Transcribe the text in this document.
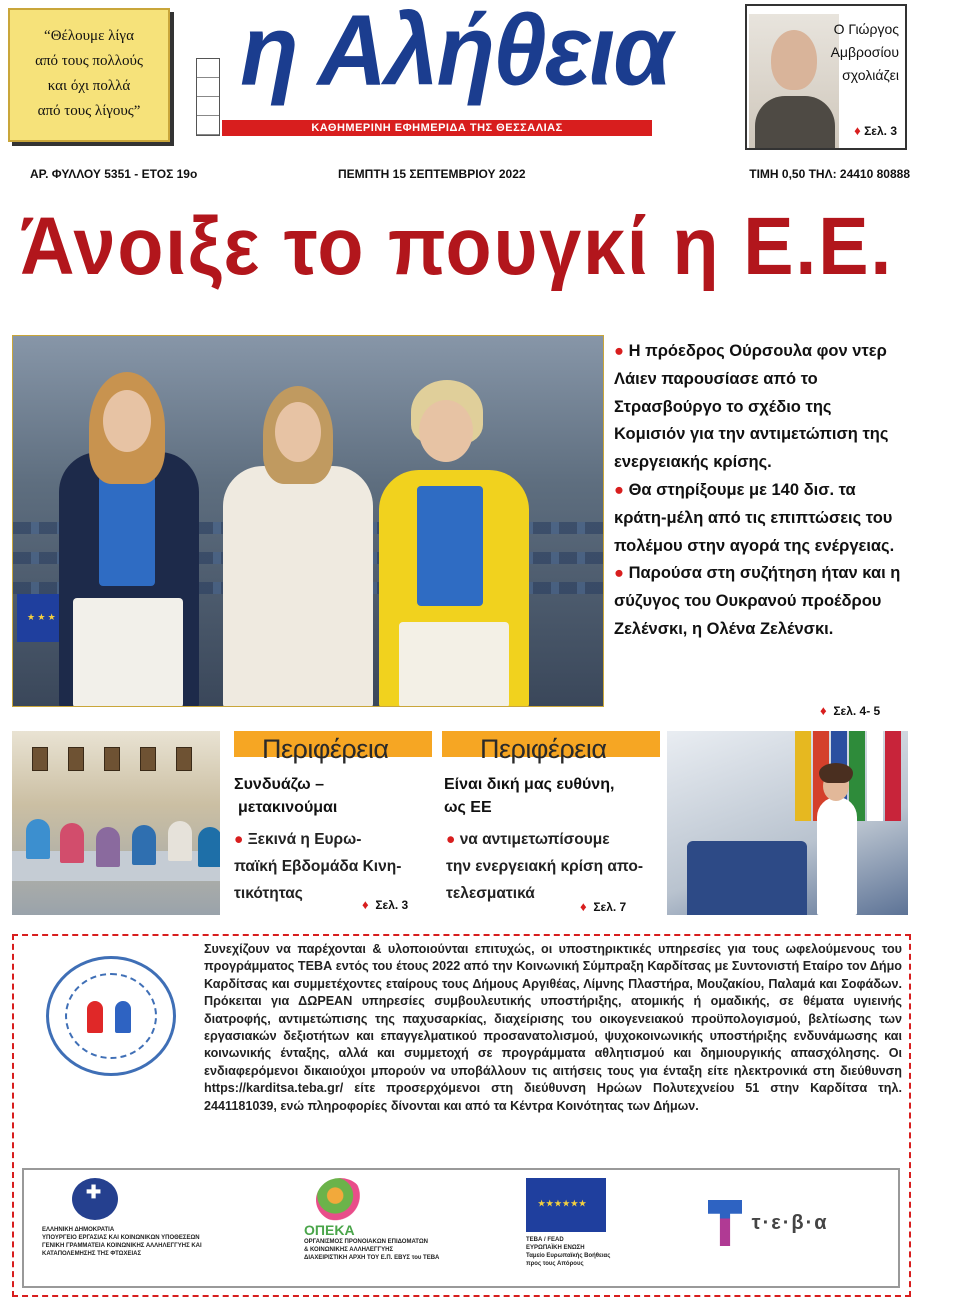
“Θέλουμε λίγα
από τους πολλούς
και όχι πολλά
από τους λίγους”
η Αλήθεια
ΚΑΘΗΜΕΡΙΝΗ ΕΦΗΜΕΡΙΔΑ ΤΗΣ ΘΕΣΣΑΛΙΑΣ
Ο Γιώργος
Αμβροσίου
σχολιάζει
♦ Σελ. 3
ΑΡ. ΦΥΛΛΟΥ 5351 - ΕΤΟΣ 19ο	ΠΕΜΠΤΗ 15 ΣΕΠΤΕΜΒΡΙΟΥ 2022	ΤΙΜΗ 0,50 ΤΗΛ: 24410 80888
Άνοιξε το πουγκί η Ε.Ε.
★ ★ ★

● Η πρόεδρος Ούρσουλα φον ντερ Λάιεν παρουσίασε από το Στρασβούργο το σχέδιο της Κομισιόν για την αντιμετώπιση της ενεργειακής κρίσης.

● Θα στηρίξουμε με 140 δισ. τα κράτη-μέλη από τις επιπτώσεις του πολέμου στην αγορά της ενέργειας.

● Παρούσα στη συζήτηση ήταν και η σύζυγος του Ουκρανού προέδρου Ζελένσκι, η Ολένα Ζελένσκι.

♦ Σελ. 4- 5
Περιφέρεια
Συνδυάζω –
μετακινούμαι
● Ξεκινά η Ευρω-
παϊκή Εβδομάδα Κινη-
τικότητας
♦ Σελ. 3
Περιφέρεια
Είναι δική μας ευθύνη,
ως ΕΕ
● να αντιμετωπίσουμε
την ενεργειακή κρίση απο-
τελεσματικά
♦ Σελ. 7
Συνεχίζουν να παρέχονται & υλοποιούνται επιτυχώς, οι υποστηρικτικές υπηρεσίες για τους ωφελούμενους του προγράμματος ΤΕΒΑ εντός του έτους 2022 από την Κοινωνική Σύμπραξη Καρδίτσας με Συντονιστή Εταίρο τον Δήμο Καρδίτσας και συμμετέχοντες εταίρους τους Δήμους Αργιθέας, Λίμνης Πλαστήρα, Μουζακίου, Παλαμά και Σοφάδων. Πρόκειται για ΔΩΡΕΑΝ υπηρεσίες συμβουλευτικής υποστήριξης, ατομικής ή ομαδικής, σε θέματα υγιεινής διατροφής, αντιμετώπισης της παχυσαρκίας, διαχείρισης του οικογενειακού προϋπολογισμού, βελτίωσης των εργασιακών δεξιοτήτων και επαγγελματικού προσανατολισμού, ψυχοκοινωνικής υποστήριξης ενδυνάμωσης και κοινωνικής ένταξης, αλλά και συμμετοχή σε προγράμματα αθλητισμού και δημιουργικής απασχόλησης. Οι ενδιαφερόμενοι δικαιούχοι μπορούν να υποβάλλουν τις αιτήσεις τους για ένταξη είτε ηλεκτρονικά στη διεύθυνση https://karditsa.teba.gr/ είτε προσερχόμενοι στη διεύθυνση Ηρώων Πολυτεχνείου 51 στην Καρδίτσα τηλ. 2441181039, ενώ πληροφορίες δίνονται και από τα Κέντρα Κοινότητας των Δήμων.
✚
ΕΛΛΗΝΙΚΗ ΔΗΜΟΚΡΑΤΙΑ
ΥΠΟΥΡΓΕΙΟ ΕΡΓΑΣΙΑΣ ΚΑΙ ΚΟΙΝΩΝΙΚΩΝ ΥΠΟΘΕΣΕΩΝ
ΓΕΝΙΚΗ ΓΡΑΜΜΑΤΕΙΑ ΚΟΙΝΩΝΙΚΗΣ ΑΛΛΗΛΕΓΓΥΗΣ ΚΑΙ
ΚΑΤΑΠΟΛΕΜΗΣΗΣ ΤΗΣ ΦΤΩΧΕΙΑΣ
ΟΠΕΚΑ
ΟΡΓΑΝΙΣΜΟΣ ΠΡΟΝΟΙΑΚΩΝ ΕΠΙΔΟΜΑΤΩΝ
& ΚΟΙΝΩΝΙΚΗΣ ΑΛΛΗΛΕΓΓΥΗΣ
ΔΙΑΧΕΙΡΙΣΤΙΚΗ ΑΡΧΗ ΤΟΥ Ε.Π. ΕΒΥΣ του ΤΕΒΑ
★★★★★★
ΤΕΒΑ / FEAD
ΕΥΡΩΠΑΪΚΗ ΕΝΩΣΗ
Ταμείο Ευρωπαϊκής Βοήθειας
προς τους Απόρους
τ·ε·β·α
